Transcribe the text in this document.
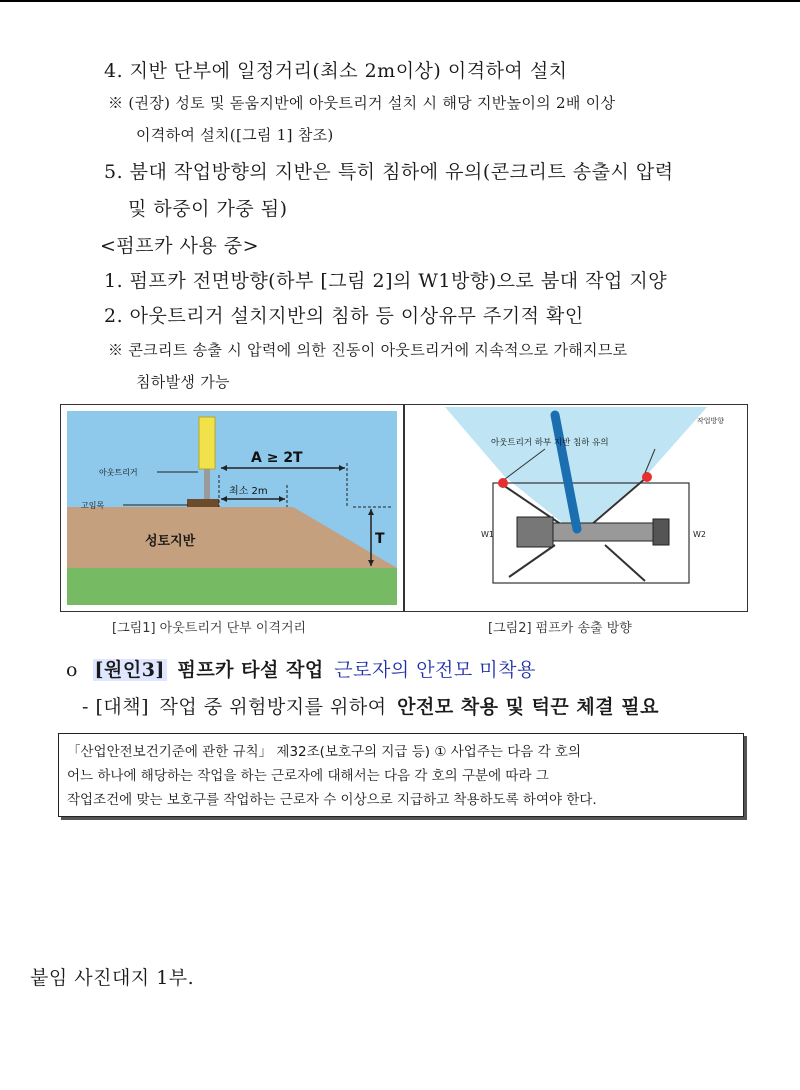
4. 지반 단부에 일정거리(최소 2m이상) 이격하여 설치
※ (권장) 성토 및 돋움지반에 아웃트리거 설치 시 해당 지반높이의 2배 이상
이격하여 설치([그림 1] 참조)
5. 붐대 작업방향의 지반은 특히 침하에 유의(콘크리트 송출시 압력
및 하중이 가중 됨)
<펌프카 사용 중>
1. 펌프카 전면방향(하부 [그림 2]의 W1방향)으로 붐대 작업 지양
2. 아웃트리거 설치지반의 침하 등 이상유무 주기적 확인
※ 콘크리트 송출 시 압력에 의한 진동이 아웃트리거에 지속적으로 가해지므로
침하발생 가능
아웃트리거
고임목
A ≥ 2T
최소 2m
T
성토지반
[그림1] 아웃트리거 단부 이격거리
작업방향
아웃트리거 하부 지반 침하 유의
W1	W2
[그림2] 펌프카 송출 방향
o [원인3] 펌프카 타설 작업 근로자의 안전모 미착용
- [대책] 작업 중 위험방지를 위하여 안전모 착용 및 턱끈 체결 필요
「산업안전보건기준에 관한 규칙」 제32조(보호구의 지급 등) ① 사업주는 다음 각 호의
어느 하나에 해당하는 작업을 하는 근로자에 대해서는 다음 각 호의 구분에 따라 그
작업조건에 맞는 보호구를 작업하는 근로자 수 이상으로 지급하고 착용하도록 하여야 한다.
붙임 사진대지 1부.
